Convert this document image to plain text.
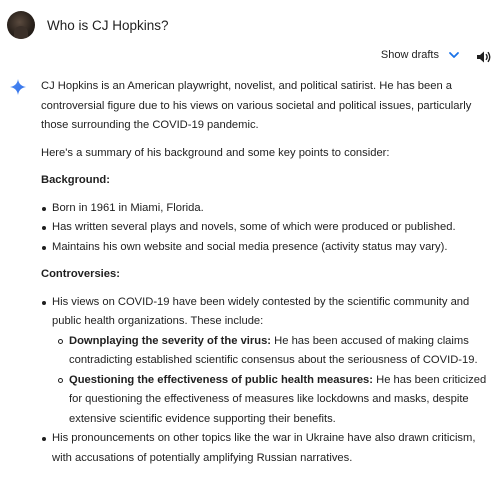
Who is CJ Hopkins?
Show drafts

CJ Hopkins is an American playwright, novelist, and political satirist. He has been a controversial figure due to his views on various societal and political issues, particularly those surrounding the COVID-19 pandemic.

Here's a summary of his background and some key points to consider:

Background:

Born in 1961 in Miami, Florida.
Has written several plays and novels, some of which were produced or published.
Maintains his own website and social media presence (activity status may vary).

Controversies:

His views on COVID-19 have been widely contested by the scientific community and public health organizations. These include:
Downplaying the severity of the virus: He has been accused of making claims contradicting established scientific consensus about the seriousness of COVID-19.
Questioning the effectiveness of public health measures: He has been criticized for questioning the effectiveness of measures like lockdowns and masks, despite extensive scientific evidence supporting their benefits.
His pronouncements on other topics like the war in Ukraine have also drawn criticism, with accusations of potentially amplifying Russian narratives.
